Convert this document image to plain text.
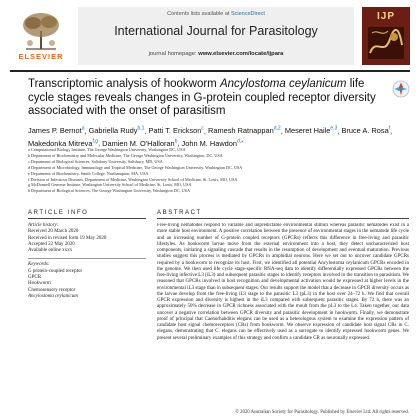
ELSEVIER
Contents lists available at ScienceDirect
International Journal for Parasitology
journal homepage: www.elsevier.com/locate/ijpara
IJP
Transcriptomic analysis of hookworm Ancylostoma ceylanicum life cycle stages reveals changes in G-protein coupled receptor diversity associated with the onset of parasitism
James P. Bernot$^a$, Gabriella Rudy$^{b,1}$, Patti T. Erickson$^c$, Ramesh Ratnappan$^{d,2}$, Meseret Haile$^{e,3}$, Bruce A. Rosa$^f$, Makedonka Mitreva$^{f,g}$, Damien M. O'Halloran$^b$, John M. Hawdon$^{d,⁎}$
a Computational Biology Institute, The George Washington University, Washington DC, USA
b Department of Biochemistry and Molecular Medicine, The George Washington University, Washington, DC, USA
c Department of Biological Sciences, Salisbury University, Salisbury, MD, USA
d Department of Microbiology, Immunology and Tropical Medicine, The George Washington University, Washington DC, USA
e Department of Biochemistry, Smith College, Northampton, MA, USA
f Division of Infectious Diseases, Department of Medicine, Washington University School of Medicine, St. Louis, MO, USA
g McDonnell Genome Institute, Washington University School of Medicine, St. Louis, MO, USA
h Department of Biological Sciences, The George Washington University, Washington DC, USA
ARTICLE INFO
Article history:
Received 20 March 2020
Received in revised form 19 May 2020
Accepted 22 May 2020
Available online xxxx
Keywords:
G protein-coupled receptor
GPCR
Hookworm
Chemosensory receptor
Ancylostoma ceylanicum
ABSTRACT
Free-living nematodes respond to variable and unpredictable environmental stimuli whereas parasitic nematodes exist in a more stable host environment. A positive correlation between the presence of environmental stages in the nematode life cycle and an increasing number of G-protein coupled receptors (GPCRs) reflects this difference in free-living and parasitic lifestyles. As hookworm larvae move from the external environment into a host, they detect uncharacterized host components, initiating a signaling cascade that results in the resumption of development and eventual maturation. Previous studies suggest this process is mediated by GPCRs in amphidial neurons. Here we set out to uncover candidate GPCRs required by a hookworm to recognize its host. First, we identified all potential Ancylostoma ceylanicum GPCRs encoded in the genome. We then used life cycle stage-specific RNA-seq data to identify differentially expressed GPCRs between the free-living infective L3 (iL3) and subsequent parasitic stages to identify receptors involved in the transition to parasitism. We reasoned that GPCRs involved in host recognition and developmental activation would be expressed at higher levels in the environmental iL3 stage than in subsequent stages. Our results support the model that a decrease in GPCR diversity occurs as the larvae develop from the free-living iL3 stage to the parasitic L3 (pL3) in the host over 24–72 h. We find that overall GPCR expression and diversity is highest in the iL3 compared with subsequent parasitic stages. By 72 h, there was an approximately 50% decrease in GPCR richness associated with the moult from the pL3 to the L4. Taken together, our data uncover a negative correlation between GPCR diversity and parasitic development in hookworm. Finally, we demonstrate proof of principal that Caenorhabditis elegans can be used as a heterologous system to examine the expression pattern of candidate host signal chemoreceptors (CRs) from hookworm. We observe expression of candidate host signal CRs in C. elegans, demonstrating that C. elegans can be effectively used as a surrogate to identify expressed hookworm genes. We present several preliminary examples of this strategy and confirm a candidate CR as neuronally expressed.
© 2020 Australian Society for Parasitology. Published by Elsevier Ltd. All rights reserved.
